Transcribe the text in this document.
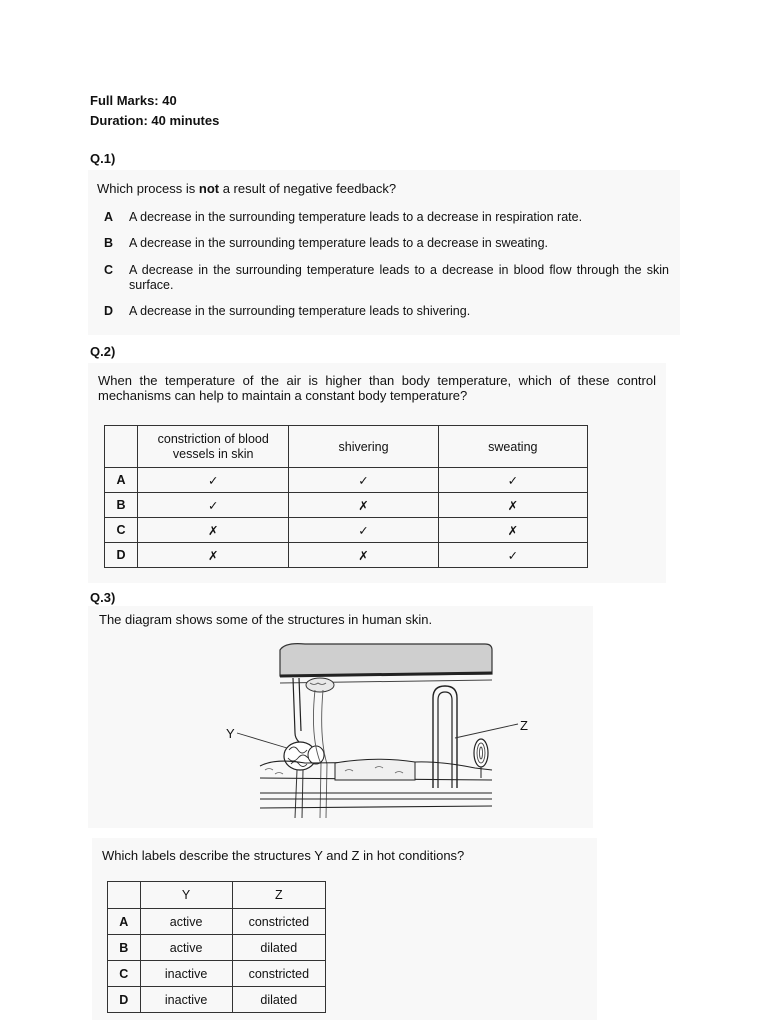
Full Marks: 40
Duration: 40 minutes
Q.1)
Which process is not a result of negative feedback?
A	A decrease in the surrounding temperature leads to a decrease in respiration rate.
B	A decrease in the surrounding temperature leads to a decrease in sweating.
C	A decrease in the surrounding temperature leads to a decrease in blood flow through the skin surface.
D	A decrease in the surrounding temperature leads to shivering.
Q.2)
When the temperature of the air is higher than body temperature, which of these control mechanisms can help to maintain a constant body temperature?
	constriction of blood vessels in skin	shivering	sweating
A	✓	✓	✓
B	✓	✗	✗
C	✗	✓	✗
D	✗	✗	✓
Q.3)
The diagram shows some of the structures in human skin.
Y
Z
Which labels describe the structures Y and Z in hot conditions?
	Y	Z
A	active	constricted
B	active	dilated
C	inactive	constricted
D	inactive	dilated
